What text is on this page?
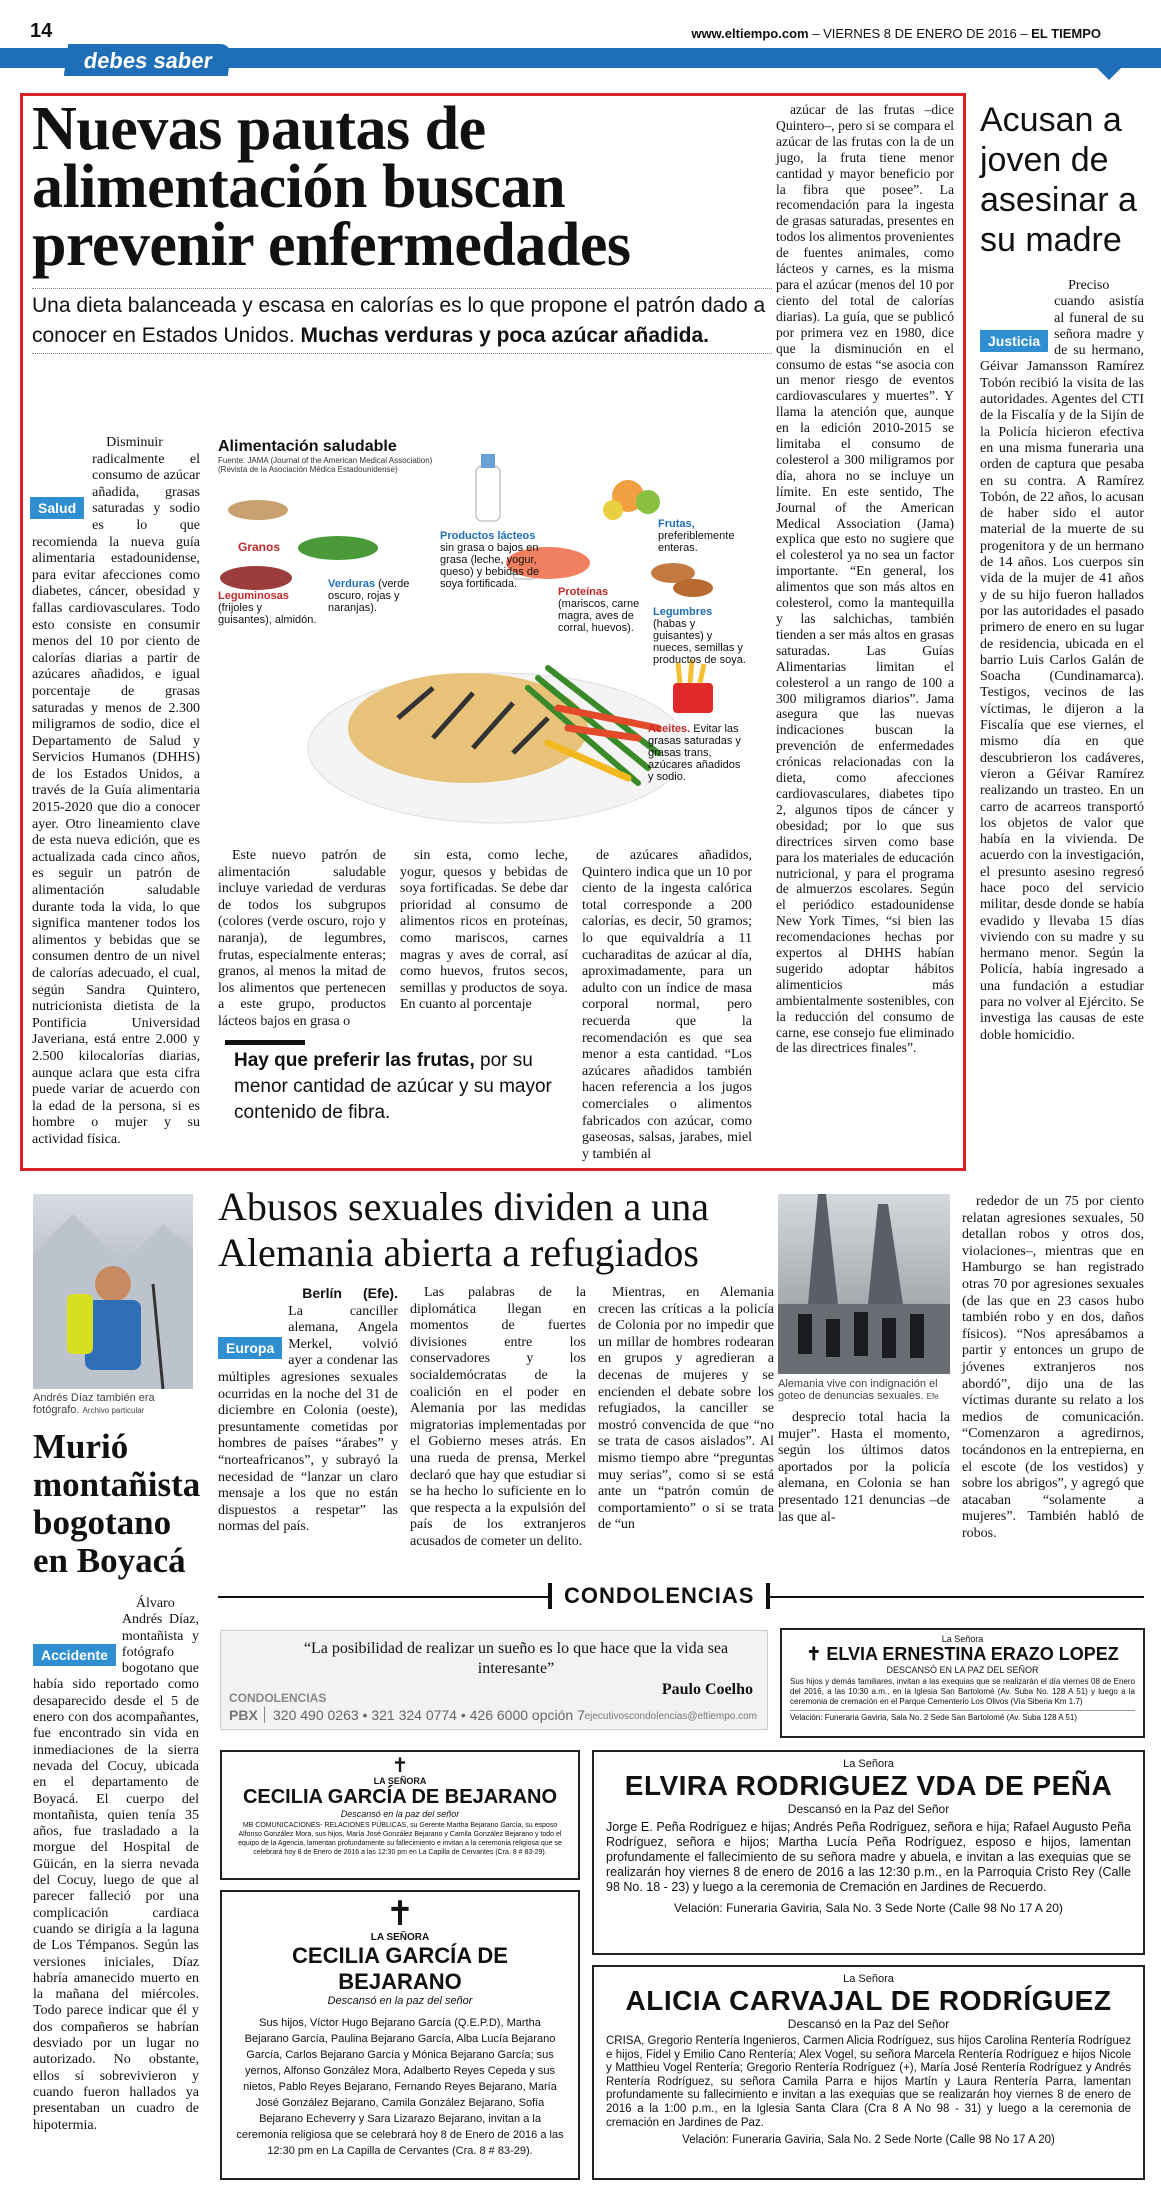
14	www.eltiempo.com – VIERNES 8 DE ENERO DE 2016 – EL TIEMPO
debes saber
Nuevas pautas de alimentación buscan prevenir enfermedades
Una dieta balanceada y escasa en calorías es lo que propone el patrón dado a conocer en Estados Unidos. Muchas verduras y poca azúcar añadida.
Salud

Disminuir radicalmente el consumo de azúcar añadida, grasas saturadas y sodio es lo que recomienda la nueva guía alimentaria estadounidense, para evitar afecciones como diabetes, cáncer, obesidad y fallas cardiovasculares. Todo esto consiste en consumir menos del 10 por ciento de calorías diarias a partir de azúcares añadidos, e igual porcentaje de grasas saturadas y menos de 2.300 miligramos de sodio, dice el Departamento de Salud y Servicios Humanos (DHHS) de los Estados Unidos, a través de la Guía alimentaria 2015-2020 que dio a conocer ayer. Otro lineamiento clave de esta nueva edición, que es actualizada cada cinco años, es seguir un patrón de alimentación saludable durante toda la vida, lo que significa mantener todos los alimentos y bebidas que se consumen dentro de un nivel de calorías adecuado, el cual, según Sandra Quintero, nutricionista dietista de la Pontificia Universidad Javeriana, está entre 2.000 y 2.500 kilocalorías diarias, aunque aclara que esta cifra puede variar de acuerdo con la edad de la persona, si es hombre o mujer y su actividad física.

Alimentación saludable
Fuente: JAMA (Journal of the American Medical Association) (Revista de la Asociación Médica Estadounidense)
Granos
Leguminosas (frijoles y guisantes), almidón.
Verduras (verde oscuro, rojas y naranjas).
Productos lácteos
sin grasa o bajos en grasa (leche, yogur, queso) y bebidas de soya fortificada.
Proteínas
(mariscos, carne magra, aves de corral, huevos).
Frutas, preferiblemente enteras.
Legumbres (habas y guisantes) y nueces, semillas y productos de soya.
Aceites. Evitar las grasas saturadas y grasas trans, azúcares añadidos y sodio.

Este nuevo patrón de alimentación saludable incluye variedad de verduras de todos los subgrupos (colores (verde oscuro, rojo y naranja), de legumbres, frutas, especialmente enteras; granos, al menos la mitad de los alimentos que pertenecen a este grupo, productos lácteos bajos en grasa o

sin esta, como leche, yogur, quesos y bebidas de soya fortificadas. Se debe dar prioridad al consumo de alimentos ricos en proteínas, como mariscos, carnes magras y aves de corral, así como huevos, frutos secos, semillas y productos de soya. En cuanto al porcentaje

de azúcares añadidos, Quintero indica que un 10 por ciento de la ingesta calórica total corresponde a 200 calorías, es decir, 50 gramos; lo que equivaldría a 11 cucharaditas de azúcar al día, aproximadamente, para un adulto con un índice de masa corporal normal, pero recuerda que la recomendación es que sea menor a esta cantidad. “Los azúcares añadidos también hacen referencia a los jugos comerciales o alimentos fabricados con azúcar, como gaseosas, salsas, jarabes, miel y también al

Hay que preferir las frutas, por su menor cantidad de azúcar y su mayor contenido de fibra.

azúcar de las frutas –dice Quintero–, pero si se compara el azúcar de las frutas con la de un jugo, la fruta tiene menor cantidad y mayor beneficio por la fibra que posee”. La recomendación para la ingesta de grasas saturadas, presentes en todos los alimentos provenientes de fuentes animales, como lácteos y carnes, es la misma para el azúcar (menos del 10 por ciento del total de calorías diarias). La guía, que se publicó por primera vez en 1980, dice que la disminución en el consumo de estas “se asocia con un menor riesgo de eventos cardiovasculares y muertes”. Y llama la atención que, aunque en la edición 2010-2015 se limitaba el consumo de colesterol a 300 miligramos por día, ahora no se incluye un límite. En este sentido, The Journal of the American Medical Association (Jama) explica que esto no sugiere que el colesterol ya no sea un factor importante. “En general, los alimentos que son más altos en colesterol, como la mantequilla y las salchichas, también tienden a ser más altos en grasas saturadas. Las Guías Alimentarias limitan el colesterol a un rango de 100 a 300 miligramos diarios”. Jama asegura que las nuevas indicaciones buscan la prevención de enfermedades crónicas relacionadas con la dieta, como afecciones cardiovasculares, diabetes tipo 2, algunos tipos de cáncer y obesidad; por lo que sus directrices sirven como base para los materiales de educación nutricional, y para el programa de almuerzos escolares. Según el periódico estadounidense New York Times, “si bien las recomendaciones hechas por expertos al DHHS habían sugerido adoptar hábitos alimenticios más ambientalmente sostenibles, con la reducción del consumo de carne, ese consejo fue eliminado de las directrices finales”.

Acusan a joven de asesinar a su madre
Justicia

Preciso cuando asistía al funeral de su señora madre y de su hermano, Géivar Jamansson Ramírez Tobón recibió la visita de las autoridades. Agentes del CTI de la Fiscalía y de la Sijín de la Policía hicieron efectiva en una misma funeraria una orden de captura que pesaba en su contra. A Ramírez Tobón, de 22 años, lo acusan de haber sido el autor material de la muerte de su progenitora y de un hermano de 14 años. Los cuerpos sin vida de la mujer de 41 años y de su hijo fueron hallados por las autoridades el pasado primero de enero en su lugar de residencia, ubicada en el barrio Luis Carlos Galán de Soacha (Cundinamarca). Testigos, vecinos de las víctimas, le dijeron a la Fiscalía que ese viernes, el mismo día en que descubrieron los cadáveres, vieron a Géivar Ramírez realizando un trasteo. En un carro de acarreos transportó los objetos de valor que había en la vivienda. De acuerdo con la investigación, el presunto asesino regresó hace poco del servicio militar, desde donde se había evadido y llevaba 15 días viviendo con su madre y su hermano menor. Según la Policía, había ingresado a una fundación a estudiar para no volver al Ejército. Se investiga las causas de este doble homicidio.

Andrés Díaz también era fotógrafo. Archivo particular
Murió montañista bogotano en Boyacá
Accidente

Álvaro Andrés Díaz, montañista y fotógrafo bogotano que había sido reportado como desaparecido desde el 5 de enero con dos acompañantes, fue encontrado sin vida en inmediaciones de la sierra nevada del Cocuy, ubicada en el departamento de Boyacá. El cuerpo del montañista, quien tenía 35 años, fue trasladado a la morgue del Hospital de Güicán, en la sierra nevada del Cocuy, luego de que al parecer falleció por una complicación cardiaca cuando se dirigía a la laguna de Los Témpanos. Según las versiones iniciales, Díaz habría amanecido muerto en la mañana del miércoles. Todo parece indicar que él y dos compañeros se habrían desviado por un lugar no autorizado. No obstante, ellos sí sobrevivieron y cuando fueron hallados ya presentaban un cuadro de hipotermia.

Abusos sexuales dividen a una Alemania abierta a refugiados
Europa

Berlín (Efe). La canciller alemana, Angela Merkel, volvió ayer a condenar las múltiples agresiones sexuales ocurridas en la noche del 31 de diciembre en Colonia (oeste), presuntamente cometidas por hombres de países “árabes” y “norteafricanos”, y subrayó la necesidad de “lanzar un claro mensaje a los que no están dispuestos a respetar” las normas del país.

Las palabras de la diplomática llegan en momentos de fuertes divisiones entre los conservadores y los socialdemócratas de la coalición en el poder en Alemania por las medidas migratorias implementadas por el Gobierno meses atrás. En una rueda de prensa, Merkel declaró que hay que estudiar si se ha hecho lo suficiente en lo que respecta a la expulsión del país de los extranjeros acusados de cometer un delito.

Mientras, en Alemania crecen las críticas a la policía de Colonia por no impedir que un millar de hombres rodearan en grupos y agredieran a decenas de mujeres y se encienden el debate sobre los refugiados, la canciller se mostró convencida de que “no se trata de casos aislados”. Al mismo tiempo abre “preguntas muy serias”, como si se está ante un “patrón común de comportamiento” o si se trata de “un

Alemania vive con indignación el goteo de denuncias sexuales. Efe

desprecio total hacia la mujer”. Hasta el momento, según los últimos datos aportados por la policía alemana, en Colonia se han presentado 121 denuncias –de las que al-

rededor de un 75 por ciento relatan agresiones sexuales, 50 detallan robos y otros dos, violaciones–, mientras que en Hamburgo se han registrado otras 70 por agresiones sexuales (de las que en 23 casos hubo también robo y en dos, daños físicos). “Nos apresábamos a partir y entonces un grupo de jóvenes extranjeros nos abordó”, dijo una de las víctimas durante su relato a los medios de comunicación. “Comenzaron a agredirnos, tocándonos en la entrepierna, en el escote (de los vestidos) y sobre los abrigos”, y agregó que atacaban “solamente a mujeres”. También habló de robos.

CONDOLENCIAS
“La posibilidad de realizar un sueño es lo que hace que la vida sea interesante”
Paulo Coelho
CONDOLENCIAS
PBX	320 490 0263 • 321 324 0774 • 426 6000 opción 7 ejecutivoscondolencias@eltiempo.com
La Señora
✝ ELVIA ERNESTINA ERAZO LOPEZ
DESCANSÓ EN LA PAZ DEL SEÑOR
Sus hijos y demás familiares, invitan a las exequias que se realizarán el día viernes 08 de Enero del 2016, a las 10:30 a.m., en la Iglesia San Bartolomé (Av. Suba No. 128 A 51) y luego a la ceremonia de cremación en el Parque Cementerio Los Olivos (Vía Siberia Km 1.7)
Velación: Funeraria Gaviria, Sala No. 2 Sede San Bartolomé (Av. Suba 128 A 51)
✝
LA SEÑORA
CECILIA GARCÍA DE BEJARANO
Descansó en la paz del señor
MB COMUNICACIONES- RELACIONES PÚBLICAS, su Gerente Martha Bejarano García, su esposo Alfonso González Mora, sus hijos, María José González Bejarano y Camila González Bejarano y todo el equipo de la Agencia, lamentan profundamente su fallecimiento e invitan a la ceremonia religiosa que se celebrará hoy 8 de Enero de 2016 a las 12:30 pm en La Capilla de Cervantes (Cra. 8 # 83-29).
✝
LA SEÑORA
CECILIA GARCÍA DE BEJARANO
Descansó en la paz del señor
Sus hijos, Víctor Hugo Bejarano García (Q.E.P.D), Martha Bejarano García, Paulina Bejarano García, Alba Lucía Bejarano García, Carlos Bejarano García y Mónica Bejarano García; sus yernos, Alfonso González Mora, Adalberto Reyes Cepeda y sus nietos, Pablo Reyes Bejarano, Fernando Reyes Bejarano, María José González Bejarano, Camila González Bejarano, Sofía Bejarano Echeverry y Sara Lizarazo Bejarano, invitan a la ceremonia religiosa que se celebrará hoy 8 de Enero de 2016 a las 12:30 pm en La Capilla de Cervantes (Cra. 8 # 83-29).
La Señora
ELVIRA RODRIGUEZ VDA DE PEÑA
Descansó en la Paz del Señor
Jorge E. Peña Rodríguez e hijas; Andrés Peña Rodríguez, señora e hija; Rafael Augusto Peña Rodríguez, señora e hijos; Martha Lucía Peña Rodríguez, esposo e hijos, lamentan profundamente el fallecimiento de su señora madre y abuela, e invitan a las exequias que se realizarán hoy viernes 8 de enero de 2016 a las 12:30 p.m., en la Parroquia Cristo Rey (Calle 98 No. 18 - 23) y luego a la ceremonia de Cremación en Jardines de Recuerdo.
Velación: Funeraria Gaviria, Sala No. 3 Sede Norte (Calle 98 No 17 A 20)
La Señora
ALICIA CARVAJAL DE RODRÍGUEZ
Descansó en la Paz del Señor
CRISA, Gregorio Rentería Ingenieros, Carmen Alicia Rodríguez, sus hijos Carolina Rentería Rodríguez e hijos, Fidel y Emilio Cano Rentería; Alex Vogel, su señora Marcela Rentería Rodríguez e hijos Nicole y Matthieu Vogel Rentería; Gregorio Rentería Rodríguez (+), María José Rentería Rodríguez y Andrés Rentería Rodríguez, su señora Camila Parra e hijos Martín y Laura Rentería Parra, lamentan profundamente su fallecimiento e invitan a las exequias que se realizarán hoy viernes 8 de enero de 2016 a la 1:00 p.m., en la Iglesia Santa Clara (Cra 8 A No 98 - 31) y luego a la ceremonia de cremación en Jardines de Paz.
Velación: Funeraria Gaviria, Sala No. 2 Sede Norte (Calle 98 No 17 A 20)
